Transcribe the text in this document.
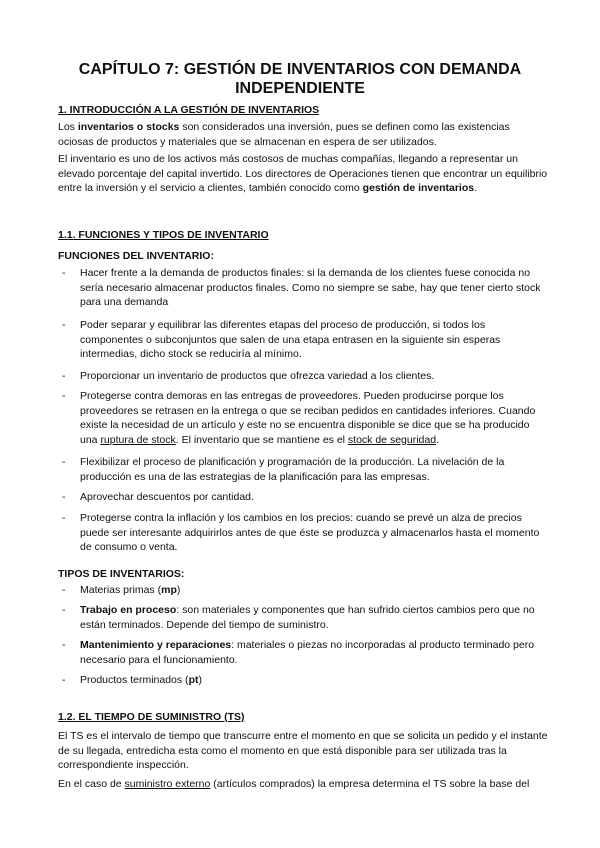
CAPÍTULO 7: GESTIÓN DE INVENTARIOS CON DEMANDA INDEPENDIENTE
1. INTRODUCCIÓN A LA GESTIÓN DE INVENTARIOS
Los inventarios o stocks son considerados una inversión, pues se definen como las existencias ociosas de productos y materiales que se almacenan en espera de ser utilizados.
El inventario es uno de los activos más costosos de muchas compañías, llegando a representar un elevado porcentaje del capital invertido. Los directores de Operaciones tienen que encontrar un equilibrio entre la inversión y el servicio a clientes, también conocido como gestión de inventarios.
1.1. FUNCIONES Y TIPOS DE INVENTARIO
FUNCIONES DEL INVENTARIO:
- Hacer frente a la demanda de productos finales: si la demanda de los clientes fuese conocida no sería necesario almacenar productos finales. Como no siempre se sabe, hay que tener cierto stock para una demanda
- Poder separar y equilibrar las diferentes etapas del proceso de producción, si todos los componentes o subconjuntos que salen de una etapa entrasen en la siguiente sin esperas intermedias, dicho stock se reduciría al mínimo.
- Proporcionar un inventario de productos que ofrezca variedad a los clientes.
- Protegerse contra demoras en las entregas de proveedores. Pueden producirse porque los proveedores se retrasen en la entrega o que se reciban pedidos en cantidades inferiores. Cuando existe la necesidad de un artículo y este no se encuentra disponible se dice que se ha producido una ruptura de stock. El inventario que se mantiene es el stock de seguridad.
- Flexibilizar el proceso de planificación y programación de la producción. La nivelación de la producción es una de las estrategias de la planificación para las empresas.
- Aprovechar descuentos por cantidad.
- Protegerse contra la inflación y los cambios en los precios: cuando se prevé un alza de precios puede ser interesante adquirirlos antes de que éste se produzca y almacenarlos hasta el momento de consumo o venta.
TIPOS DE INVENTARIOS:
- Materias primas (mp)
- Trabajo en proceso: son materiales y componentes que han sufrido ciertos cambios pero que no están terminados. Depende del tiempo de suministro.
- Mantenimiento y reparaciones: materiales o piezas no incorporadas al producto terminado pero necesario para el funcionamiento.
- Productos terminados (pt)
1.2. EL TIEMPO DE SUMINISTRO (TS)
El TS es el intervalo de tiempo que transcurre entre el momento en que se solicita un pedido y el instante de su llegada, entredicha esta como el momento en que está disponible para ser utilizada tras la correspondiente inspección.
En el caso de suministro externo (artículos comprados) la empresa determina el TS sobre la base del
